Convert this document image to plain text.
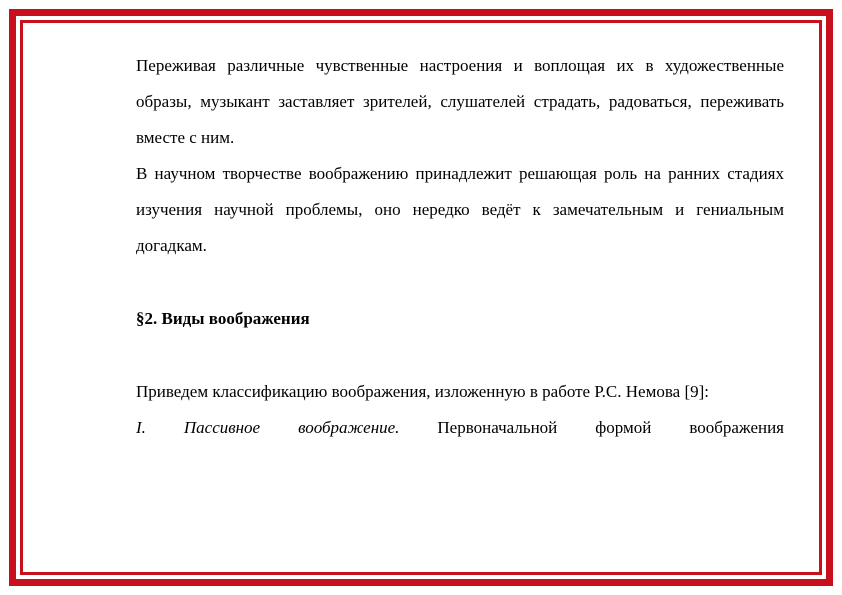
Переживая различные чувственные настроения и воплощая их в художественные образы, музыкант заставляет зрителей, слушателей страдать, радоваться, переживать вместе с ним.

В научном творчестве воображению принадлежит решающая роль на ранних стадиях изучения научной проблемы, оно нередко ведёт к замечательным и гениальным догадкам.

§2. Виды воображения

Приведем классификацию воображения, изложенную в работе Р.С. Немова [9]:

I. Пассивное воображение. Первоначальной формой воображения
